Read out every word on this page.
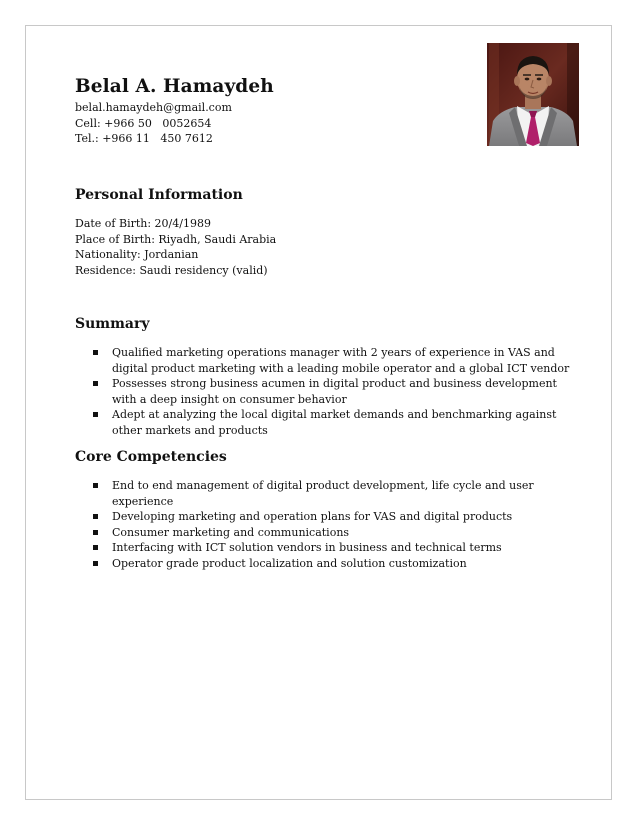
Belal A. Hamaydeh
belal.hamaydeh@gmail.com
Cell: +966 50   0052654
Tel.: +966 11   450 7612
Personal Information
Date of Birth: 20/4/1989
Place of Birth: Riyadh, Saudi Arabia
Nationality: Jordanian
Residence: Saudi residency (valid)
Summary
Qualified marketing operations manager with 2 years of experience in VAS and digital product marketing with a leading mobile operator and a global ICT vendor
Possesses strong business acumen in digital product and business development with a deep insight on consumer behavior
Adept at analyzing the local digital market demands and benchmarking against other markets and products
Core Competencies
End to end management of digital product development, life cycle and user experience
Developing marketing and operation plans for VAS and digital products
Consumer marketing and communications
Interfacing with ICT solution vendors in business and technical terms
Operator grade product localization and solution customization
